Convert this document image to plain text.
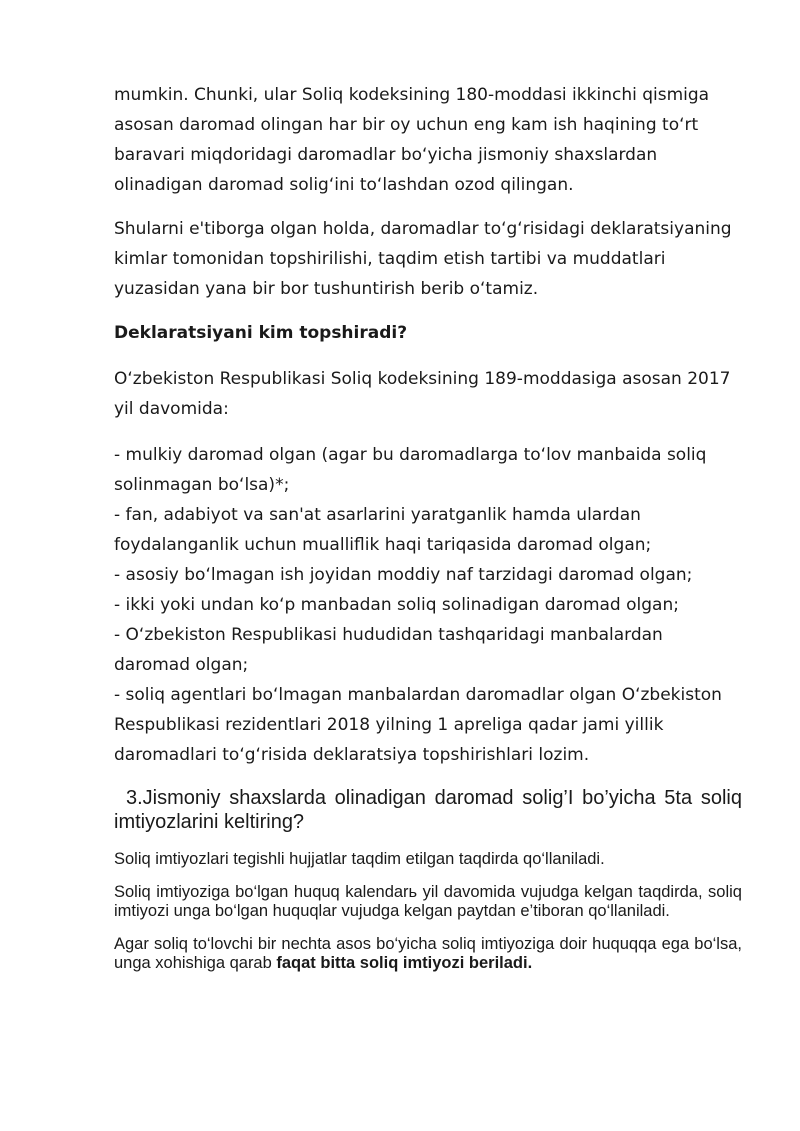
mumkin. Chunki, ular Soliq kodeksining 180-moddasi ikkinchi qismiga asosan daromad olingan har bir oy uchun eng kam ish haqining to‘rt baravari miqdoridagi daromadlar bo‘yicha jismoniy shaxslardan olinadigan daromad solig‘ini to‘lashdan ozod qilingan.

Shularni e'tiborga olgan holda, daromadlar to‘g‘risidagi deklaratsiyaning kimlar tomonidan topshirilishi, taqdim etish tartibi va muddatlari yuzasidan yana bir bor tushuntirish berib o‘tamiz.

Deklaratsiyani kim topshiradi?

O‘zbekiston Respublikasi Soliq kodeksining 189-moddasiga asosan 2017 yil davomida:

- mulkiy daromad olgan (agar bu daromadlarga to‘lov manbaida soliq solinmagan bo‘lsa)*;
- fan, adabiyot va san'at asarlarini yaratganlik hamda ulardan foydalanganlik uchun mualliflik haqi tariqasida daromad olgan;
- asosiy bo‘lmagan ish joyidan moddiy naf tarzidagi daromad olgan;
- ikki yoki undan ko‘p manbadan soliq solinadigan daromad olgan;
- O‘zbekiston Respublikasi hududidan tashqaridagi manbalardan daromad olgan;
- soliq agentlari bo‘lmagan manbalardan daromadlar olgan O‘zbekiston Respublikasi rezidentlari 2018 yilning 1 apreliga qadar jami yillik daromadlari to‘g‘risida deklaratsiya topshirishlari lozim.

3.Jismoniy shaxslarda olinadigan daromad solig’I bo’yicha 5ta soliq imtiyozlarini keltiring?

Soliq imtiyozlari tegishli hujjatlar taqdim etilgan taqdirda qo‘llaniladi.

Soliq imtiyoziga bo‘lgan huquq kalendarь yil davomida vujudga kelgan taqdirda, soliq imtiyozi unga bo‘lgan huquqlar vujudga kelgan paytdan e’tiboran qo‘llaniladi.

Agar soliq to‘lovchi bir nechta asos bo‘yicha soliq imtiyoziga doir huquqqa ega bo‘lsa, unga xohishiga qarab faqat bitta soliq imtiyozi beriladi.
